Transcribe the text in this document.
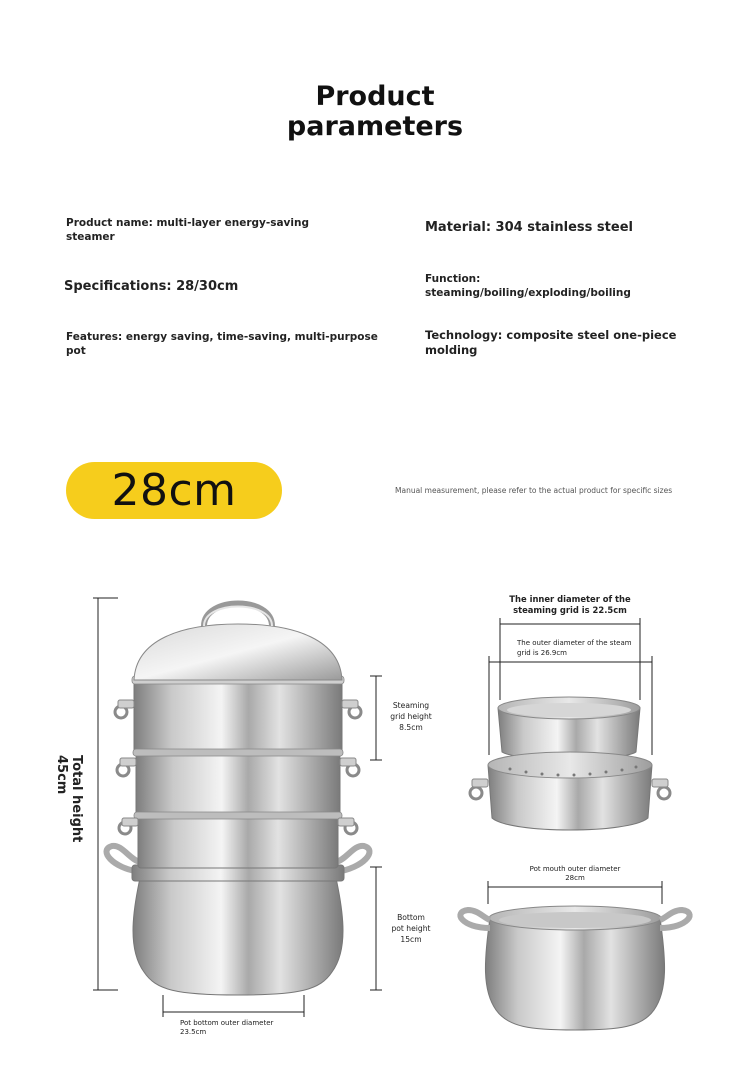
Product
parameters
Product name: multi-layer energy-saving
steamer
Material: 304 stainless steel
Specifications: 28/30cm	Function:
steaming/boiling/exploding/boiling
Features: energy saving, time-saving, multi-purpose
pot
Technology: composite steel one-piece
molding
28cm	Manual measurement, please refer to the actual product for specific sizes
Total height
45cm
Steaming
grid height
8.5cm
Bottom
pot height
15cm
Pot bottom outer diameter
23.5cm
The inner diameter of the
steaming grid is 22.5cm
The outer diameter of the steam
grid is 26.9cm
Pot mouth outer diameter
28cm
